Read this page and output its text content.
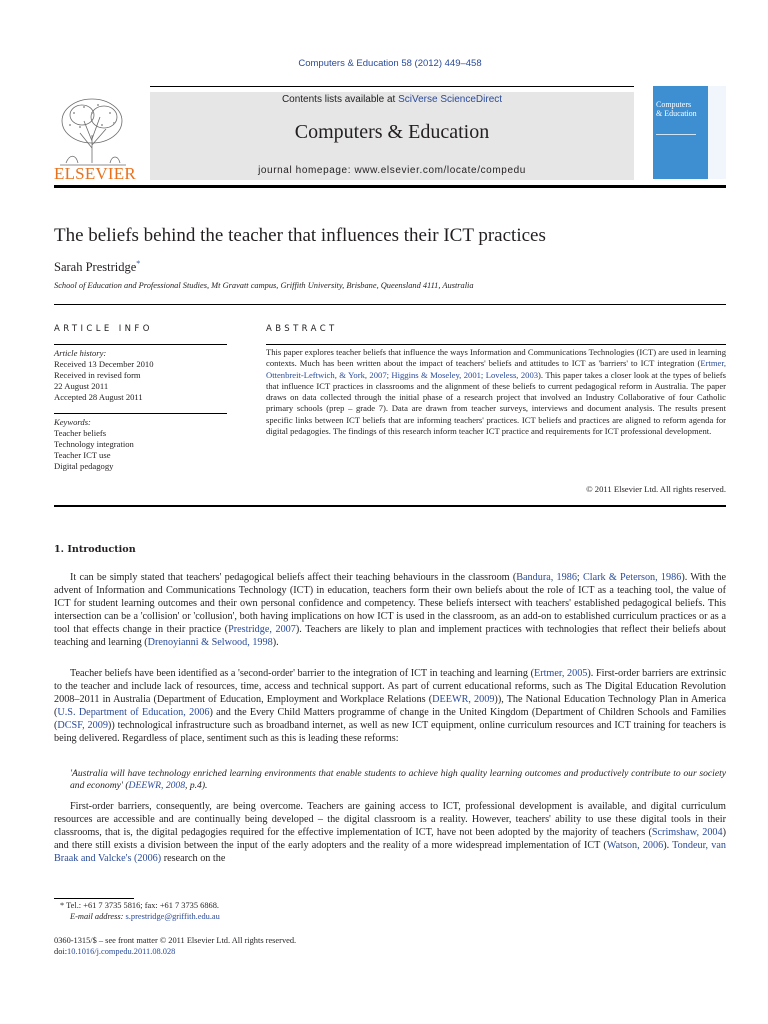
Computers & Education 58 (2012) 449–458
ELSEVIER
Contents lists available at SciVerse ScienceDirect
Computers & Education
journal homepage: www.elsevier.com/locate/compedu
Computers
& Education
The beliefs behind the teacher that influences their ICT practices
Sarah Prestridge*
School of Education and Professional Studies, Mt Gravatt campus, Griffith University, Brisbane, Queensland 4111, Australia
ARTICLE INFO
Article history:
Received 13 December 2010
Received in revised form
22 August 2011
Accepted 28 August 2011
Keywords:
Teacher beliefs
Technology integration
Teacher ICT use
Digital pedagogy
ABSTRACT
This paper explores teacher beliefs that influence the ways Information and Communications Technologies (ICT) are used in learning contexts. Much has been written about the impact of teachers' beliefs and attitudes to ICT as 'barriers' to ICT integration (Ertmer, Ottenbreit-Leftwich, & York, 2007; Higgins & Moseley, 2001; Loveless, 2003). This paper takes a closer look at the types of beliefs that influence ICT practices in classrooms and the alignment of these beliefs to current pedagogical reform in Australia. The paper draws on data collected through the initial phase of a research project that involved an Industry Collaborative of four Catholic primary schools (prep – grade 7). Data are drawn from teacher surveys, interviews and document analysis. The results present specific links between ICT beliefs that are informing teachers' practices. ICT beliefs and practices are aligned to reform agenda for digital pedagogies. The findings of this research inform teacher ICT practice and requirements for ICT professional development.
© 2011 Elsevier Ltd. All rights reserved.
1. Introduction
It can be simply stated that teachers' pedagogical beliefs affect their teaching behaviours in the classroom (Bandura, 1986; Clark & Peterson, 1986). With the advent of Information and Communications Technology (ICT) in education, teachers form their own beliefs about the role of ICT as a teaching tool, the value of ICT for student learning outcomes and their own personal confidence and competency. These beliefs intersect with teachers' established pedagogical beliefs. This intersection can be a 'collision' or 'collusion', both having implications on how ICT is used in the classroom, as an add-on to established curriculum practices or as a tool that effects change in their practice (Prestridge, 2007). Teachers are likely to plan and implement practices with technologies that reflect their beliefs about teaching and learning (Drenoyianni & Selwood, 1998).
Teacher beliefs have been identified as a 'second-order' barrier to the integration of ICT in teaching and learning (Ertmer, 2005). First-order barriers are extrinsic to the teacher and include lack of resources, time, access and technical support. As part of current educational reforms, such as The Digital Education Revolution 2008–2011 in Australia (Department of Education, Employment and Workplace Relations (DEEWR, 2009)), The National Education Technology Plan in America (U.S. Department of Education, 2006) and the Every Child Matters programme of change in the United Kingdom (Department of Children Schools and Families (DCSF, 2009)) technological infrastructure such as broadband internet, as well as new ICT equipment, online curriculum resources and ICT training for teachers is being delivered. Regardless of place, sentiment such as this is leading these reforms:
'Australia will have technology enriched learning environments that enable students to achieve high quality learning outcomes and productively contribute to our society and economy' (DEEWR, 2008, p.4).
First-order barriers, consequently, are being overcome. Teachers are gaining access to ICT, professional development is available, and digital curriculum resources are accessible and are continually being developed – the digital classroom is a reality. However, teachers' ability to use these digital tools in their classrooms, that is, the digital pedagogies required for the effective implementation of ICT, have not been adopted by the majority of teachers (Scrimshaw, 2004) and there still exists a division between the input of the early adopters and the reality of a more widespread implementation of ICT (Watson, 2006). Tondeur, van Braak and Valcke's (2006) research on the
* Tel.: +61 7 3735 5816; fax: +61 7 3735 6868.
E-mail address: s.prestridge@griffith.edu.au
0360-1315/$ – see front matter © 2011 Elsevier Ltd. All rights reserved.
doi:10.1016/j.compedu.2011.08.028
